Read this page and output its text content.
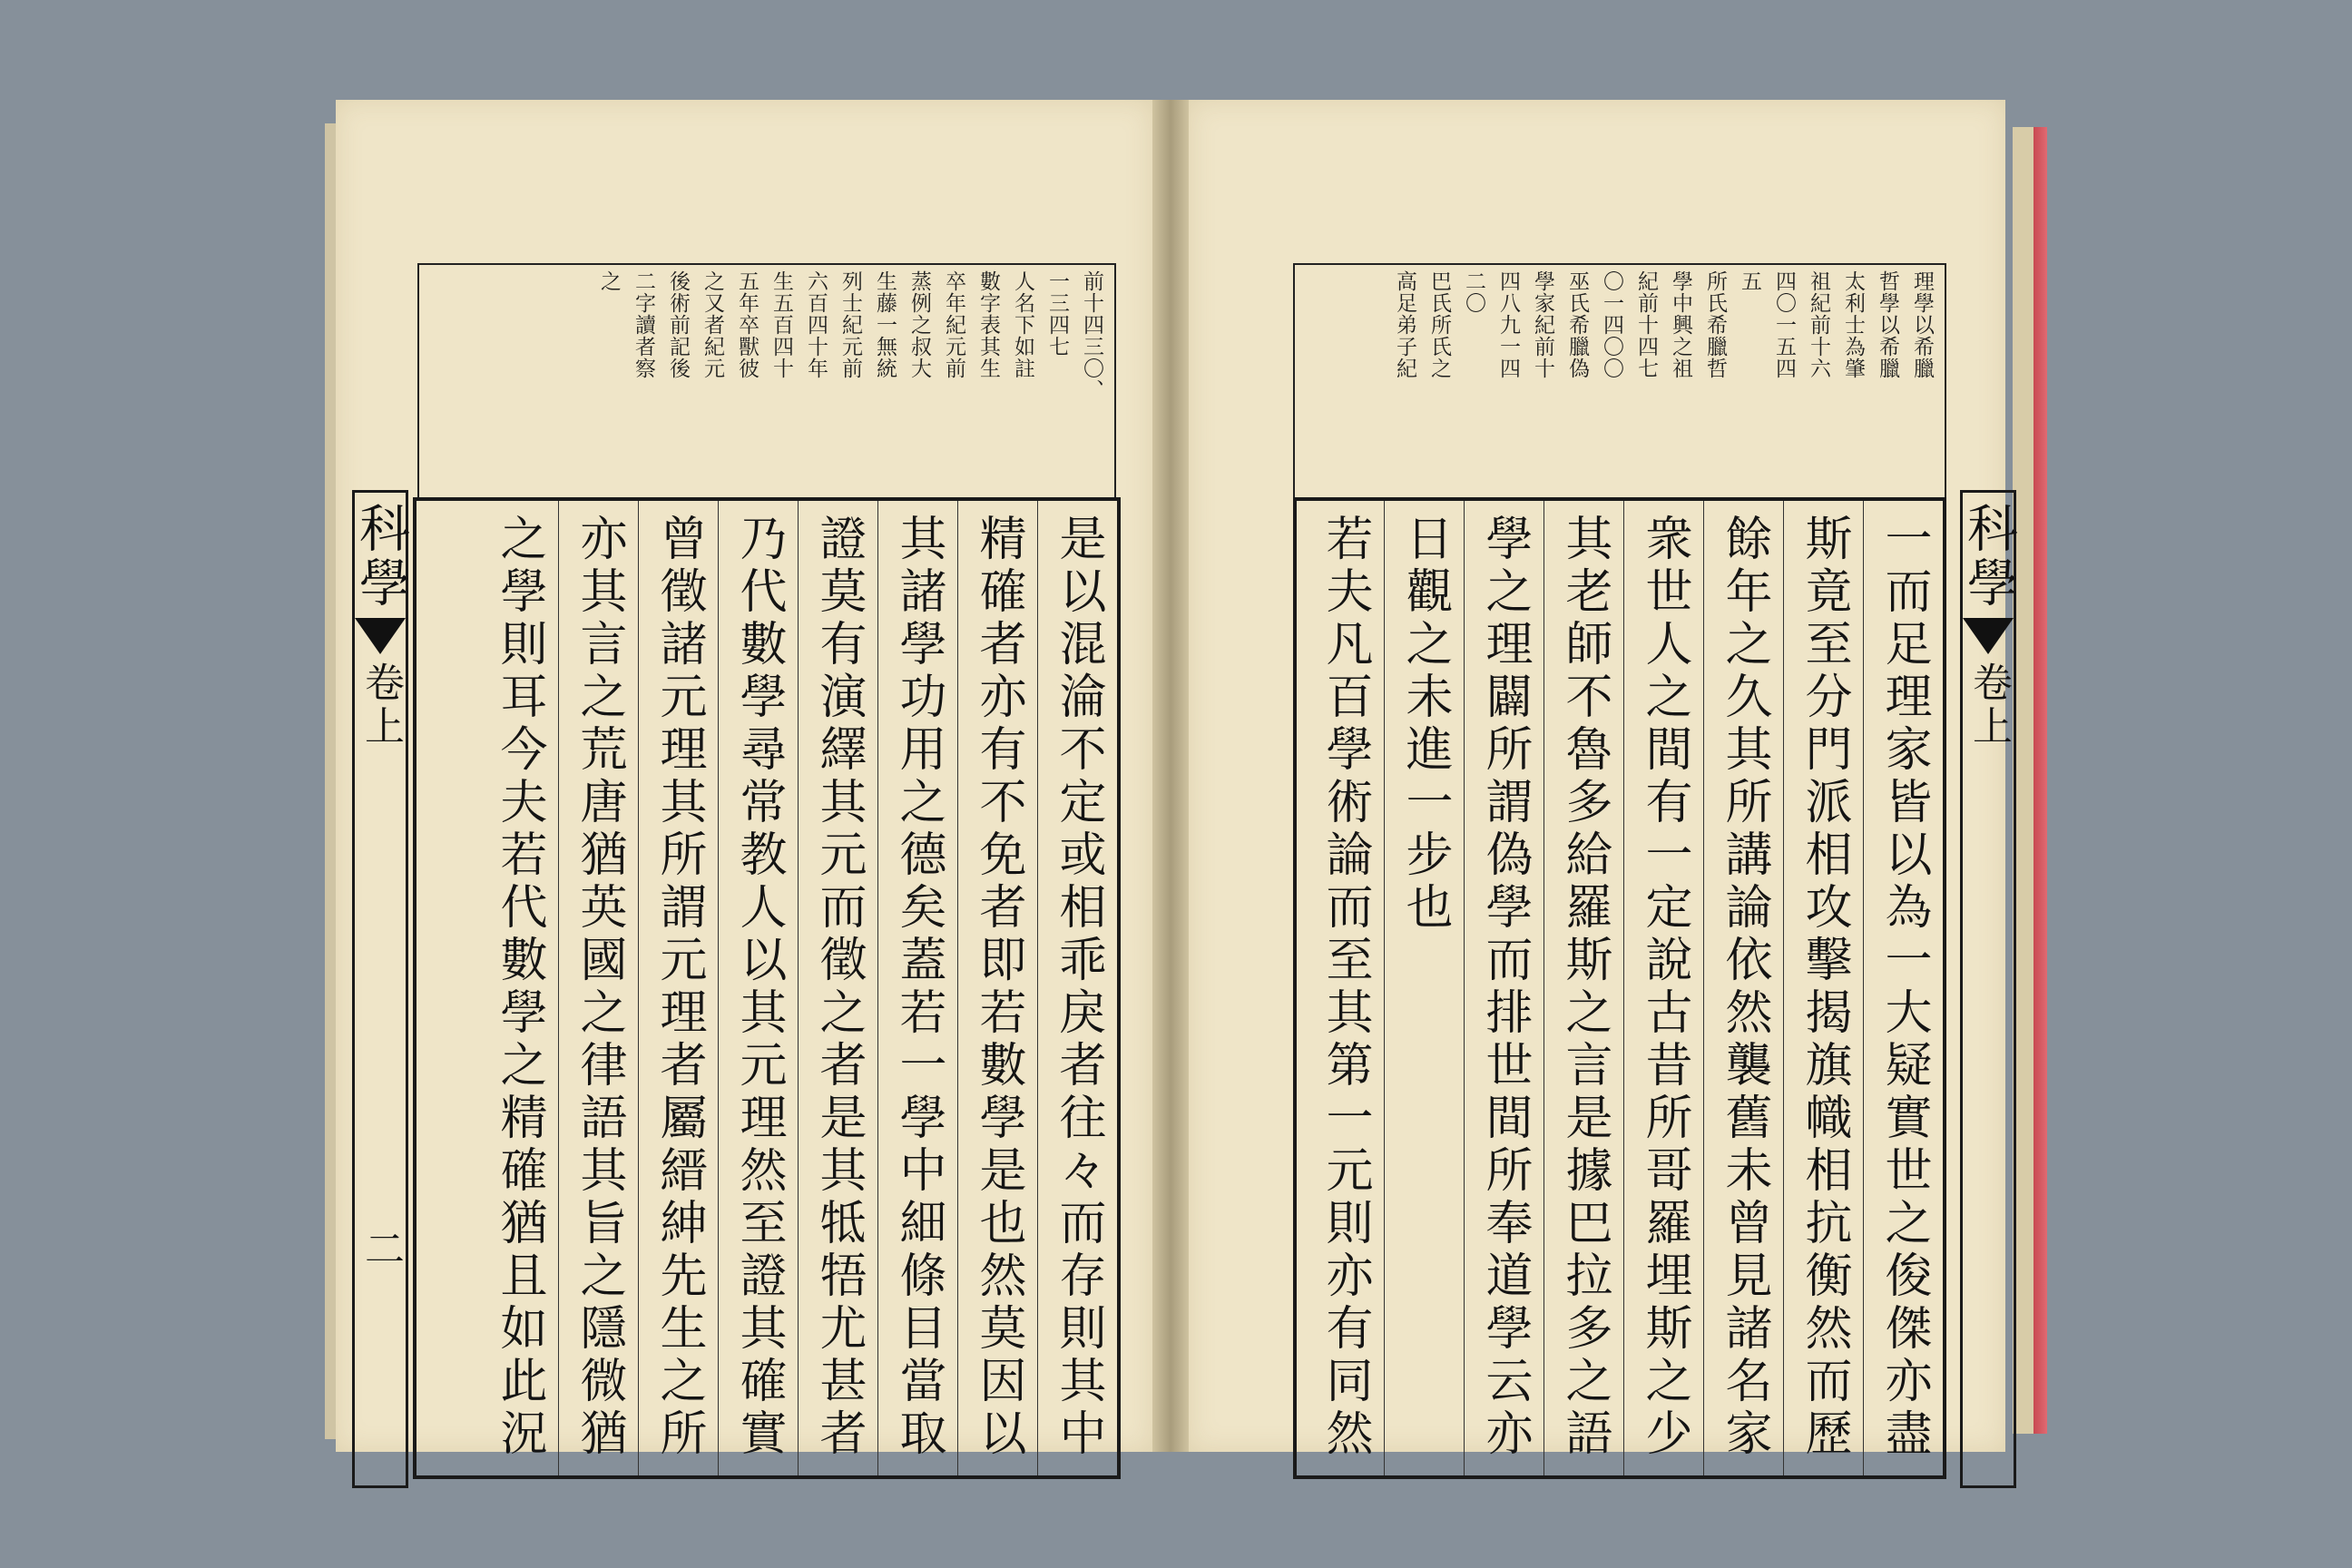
前十四三〇、
一三四七
人名下如註
數字表其生
卒年紀元前
蒸例之叔大
生藤一無統
列士紀元前
六百四十年
生五百四十
五年卒獸彼
之又者紀元
後術前記後
二字讀者察
之
是以混淪不定或相乖戾者往々而存則其中
精確者亦有不免者即若數學是也然莫因以
其諸學功用之德矣蓋若一學中細條目當取
證莫有演繹其元而徵之者是其牴牾尤甚者
乃代數學尋常教人以其元理然至證其確實
曾徵諸元理其所謂元理者屬縉紳先生之所
亦其言之荒唐猶英國之律語其旨之隱微猶
之學則耳今夫若代數學之精確猶且如此況
科學
卷上
二
理學以希臘
哲學以希臘
太利士為肇
祖紀前十六
四〇一五四
五
所氏希臘哲
學中興之祖
紀前十四七
〇一四〇〇
巫氏希臘偽
學家紀前十
四八九一四
二〇
巴氏所氏之
高足弟子紀
一而足理家皆以為一大疑實世之俊傑亦盡
斯竟至分門派相攻擊揭旗幟相抗衡然而歷
餘年之久其所講論依然襲舊未曾見諸名家
衆世人之間有一定說古昔所哥羅埋斯之少
其老師不魯多給羅斯之言是據巴拉多之語
學之理闢所謂偽學而排世間所奉道學云亦
日觀之未進一步也
若夫凡百學術論而至其第一元則亦有同然
科學
卷上
